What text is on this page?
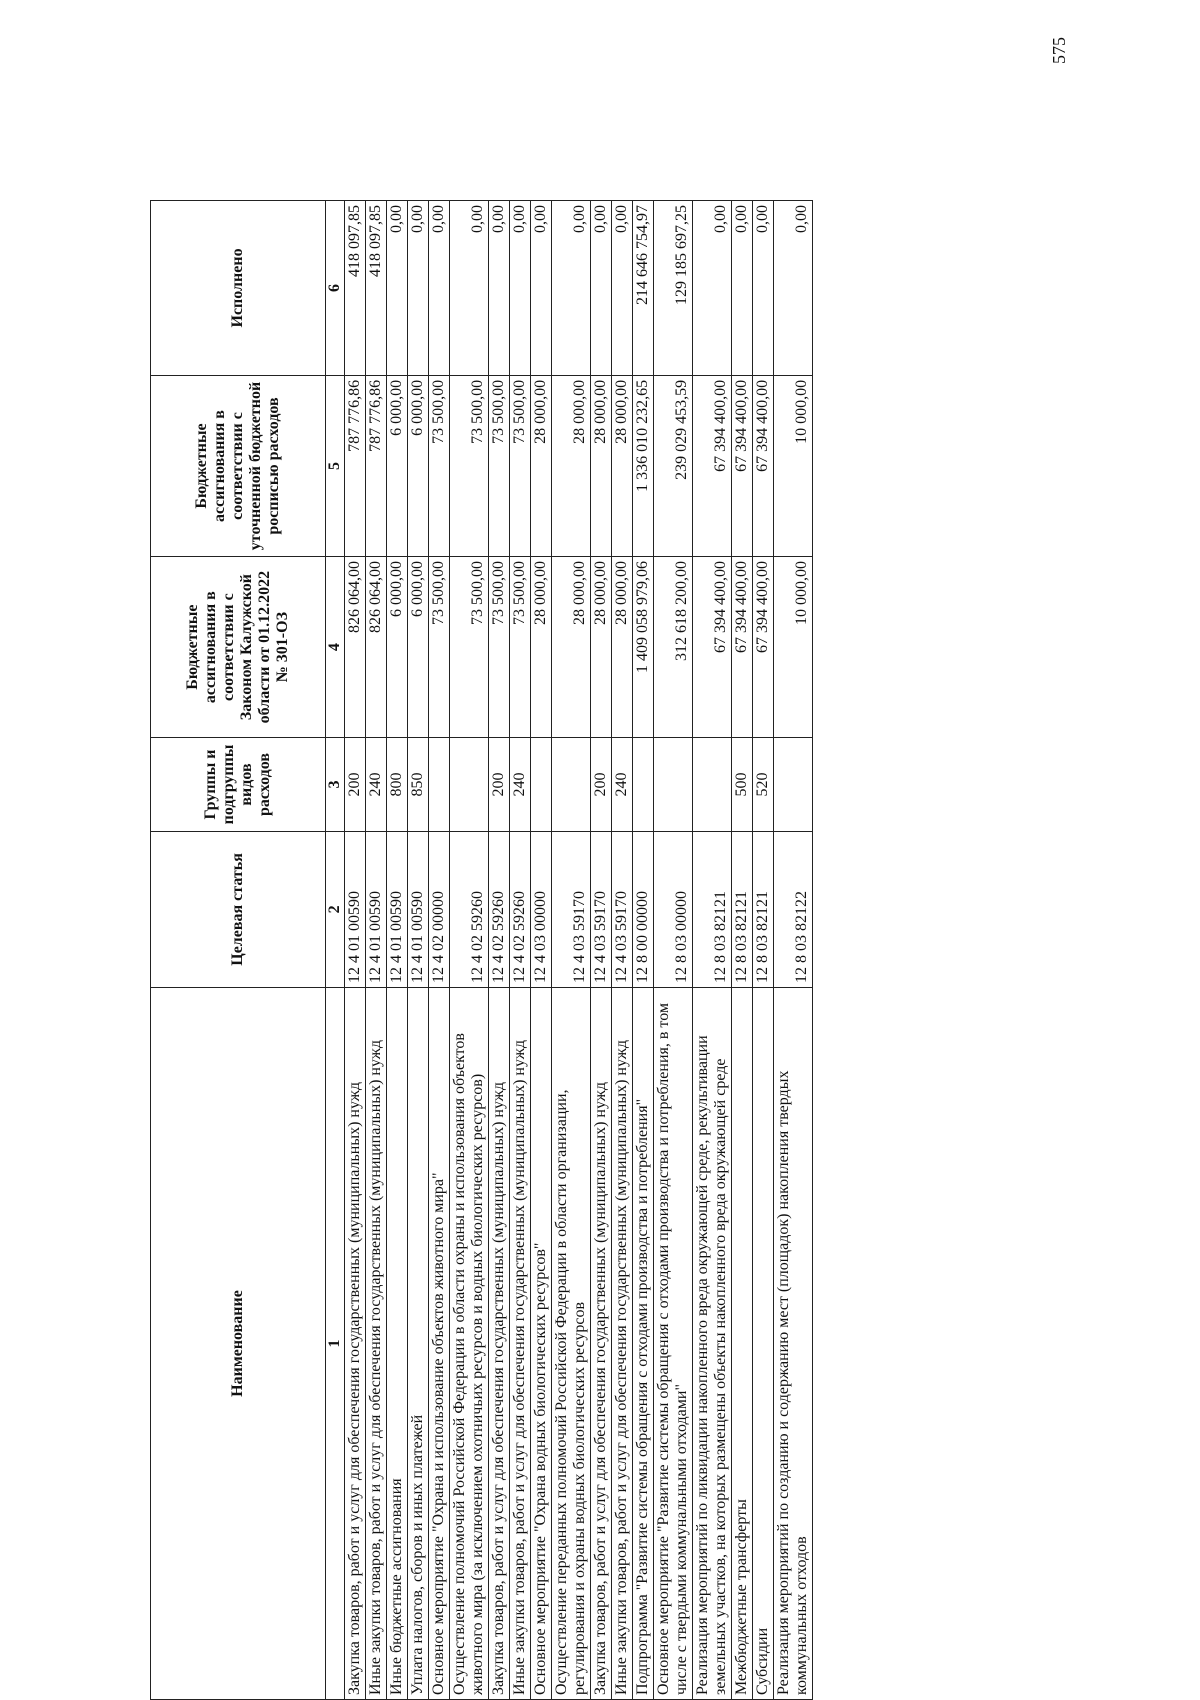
575
Наименование	Целевая статья	Группы и подгруппы видов расходов	Бюджетные ассигнования в соответствии с Законом Калужской области от 01.12.2022 № 301-ОЗ	Бюджетные ассигнования в соответствии с уточненной бюджетной росписью расходов	Исполнено
1	2	3	4	5	6
Закупка товаров, работ и услуг для обеспечения государственных (муниципальных) нужд	12 4 01 00590	200	826 064,00	787 776,86	418 097,85
Иные закупки товаров, работ и услуг для обеспечения государственных (муниципальных) нужд	12 4 01 00590	240	826 064,00	787 776,86	418 097,85
Иные бюджетные ассигнования	12 4 01 00590	800	6 000,00	6 000,00	0,00
Уплата налогов, сборов и иных платежей	12 4 01 00590	850	6 000,00	6 000,00	0,00
Основное мероприятие "Охрана и использование объектов животного мира"	12 4 02 00000		73 500,00	73 500,00	0,00
Осуществление полномочий Российской Федерации в области охраны и использования объектов животного мира (за исключением охотничьих ресурсов и водных биологических ресурсов)	12 4 02 59260		73 500,00	73 500,00	0,00
Закупка товаров, работ и услуг для обеспечения государственных (муниципальных) нужд	12 4 02 59260	200	73 500,00	73 500,00	0,00
Иные закупки товаров, работ и услуг для обеспечения государственных (муниципальных) нужд	12 4 02 59260	240	73 500,00	73 500,00	0,00
Основное мероприятие "Охрана водных биологических ресурсов"	12 4 03 00000		28 000,00	28 000,00	0,00
Осуществление переданных полномочий Российской Федерации в области организации, регулирования и охраны водных биологических ресурсов	12 4 03 59170		28 000,00	28 000,00	0,00
Закупка товаров, работ и услуг для обеспечения государственных (муниципальных) нужд	12 4 03 59170	200	28 000,00	28 000,00	0,00
Иные закупки товаров, работ и услуг для обеспечения государственных (муниципальных) нужд	12 4 03 59170	240	28 000,00	28 000,00	0,00
Подпрограмма "Развитие системы обращения с отходами производства и потребления"	12 8 00 00000		1 409 058 979,06	1 336 010 232,65	214 646 754,97
Основное мероприятие "Развитие системы обращения с отходами производства и потребления, в том числе с твердыми коммунальными отходами"	12 8 03 00000		312 618 200,00	239 029 453,59	129 185 697,25
Реализация мероприятий по ликвидации накопленного вреда окружающей среде, рекультивации земельных участков, на которых размещены объекты накопленного вреда окружающей среде	12 8 03 82121		67 394 400,00	67 394 400,00	0,00
Межбюджетные трансферты	12 8 03 82121	500	67 394 400,00	67 394 400,00	0,00
Субсидии	12 8 03 82121	520	67 394 400,00	67 394 400,00	0,00
Реализация мероприятий по созданию и содержанию мест (площадок) накопления твердых коммунальных отходов	12 8 03 82122		10 000,00	10 000,00	0,00
